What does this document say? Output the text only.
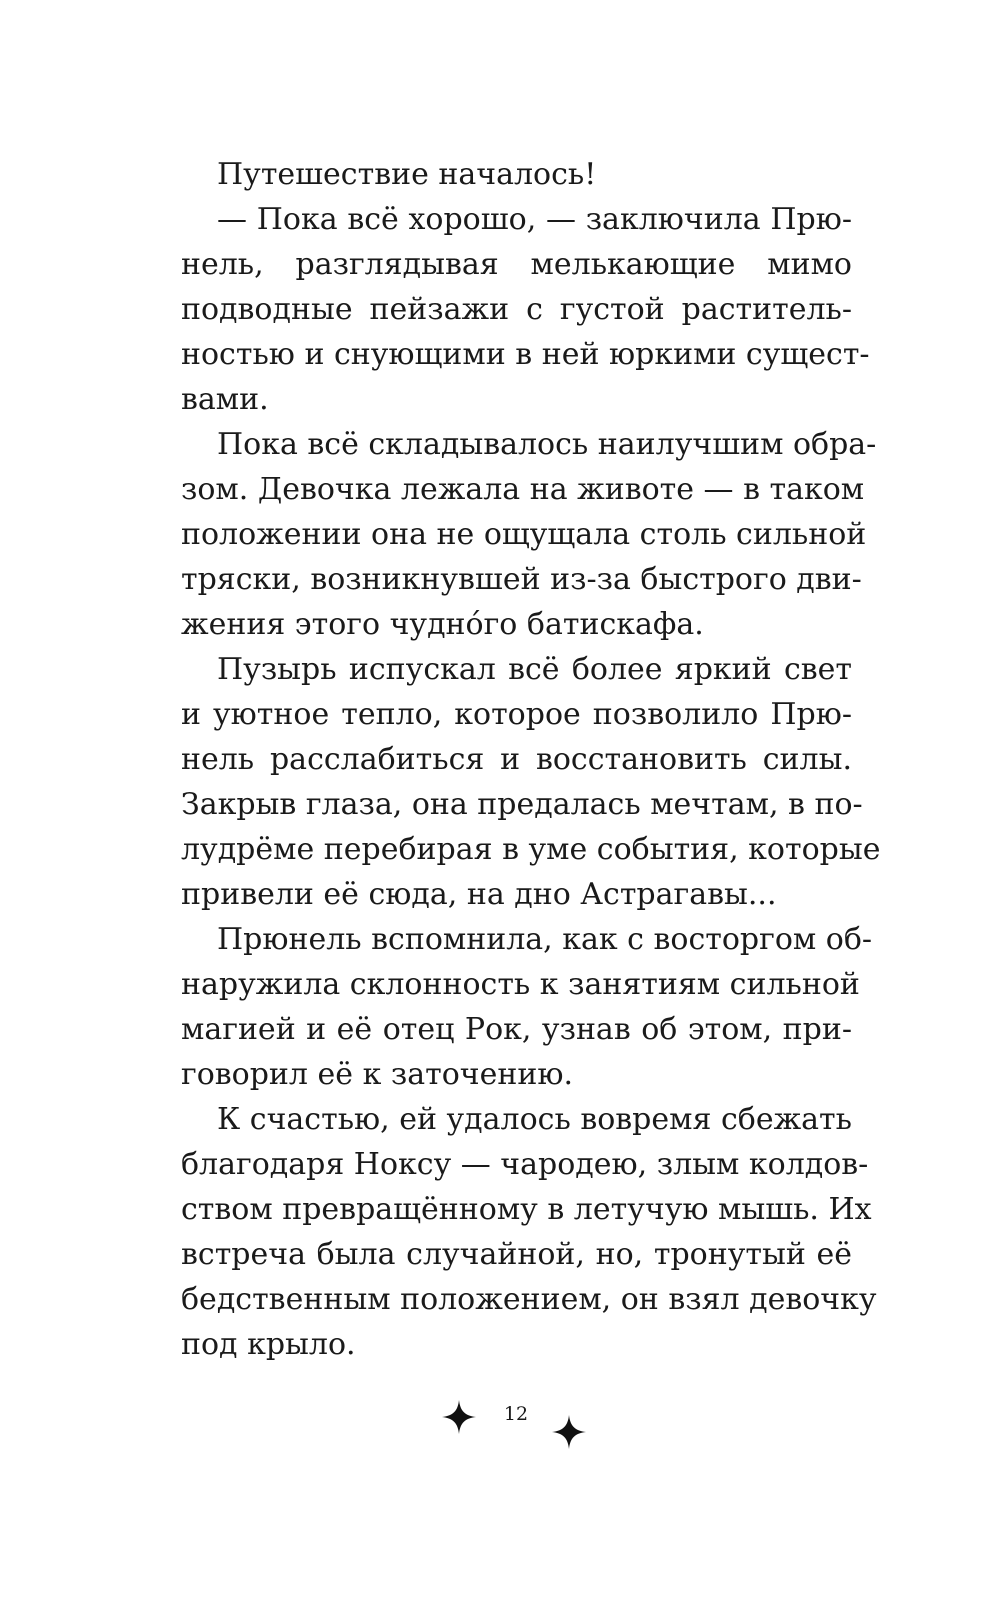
Путешествие началось!
— Пока всё хорошо, — заключила Прю-
нель, разглядывая мелькающие мимо
подводные пейзажи с густой раститель-
ностью и снующими в ней юркими сущест-
вами.
Пока всё складывалось наилучшим обра-
зом. Девочка лежала на животе — в таком
положении она не ощущала столь сильной
тряски, возникнувшей из-за быстрого дви-
жения этого чудно́го батискафа.
Пузырь испускал всё более яркий свет
и уютное тепло, которое позволило Прю-
нель расслабиться и восстановить силы.
Закрыв глаза, она предалась мечтам, в по-
лудрёме перебирая в уме события, которые
привели её сюда, на дно Астрагавы...
Прюнель вспомнила, как с восторгом об-
наружила склонность к занятиям сильной
магией и её отец Рок, узнав об этом, при-
говорил её к заточению.
К счастью, ей удалось вовремя сбежать
благодаря Ноксу — чародею, злым колдов-
ством превращённому в летучую мышь. Их
встреча была случайной, но, тронутый её
бедственным положением, он взял девочку
под крыло.
12
